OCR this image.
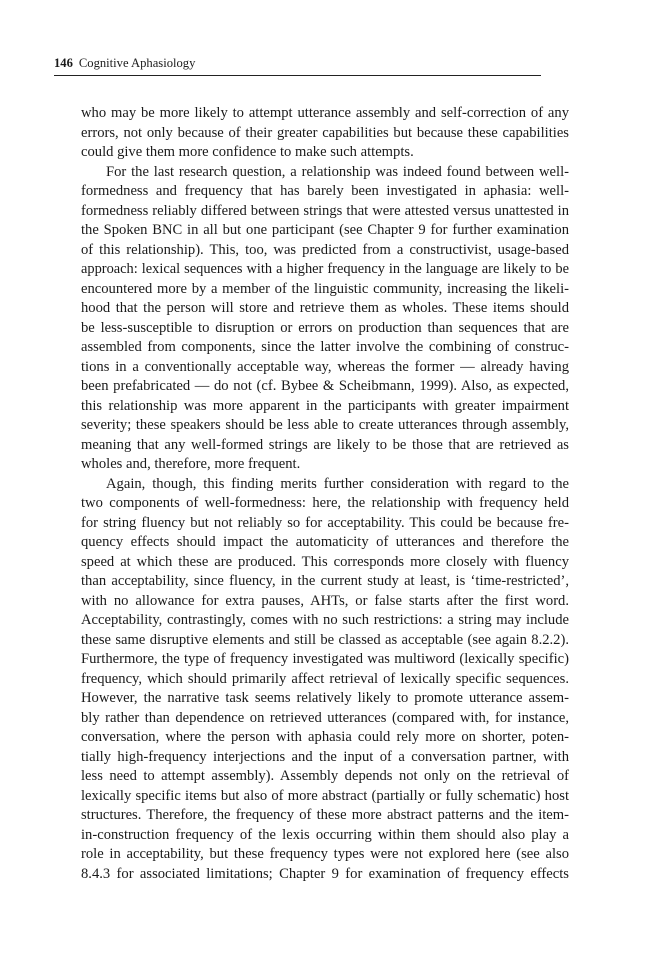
146 Cognitive Aphasiology
who may be more likely to attempt utterance assembly and self-correction of any
errors, not only because of their greater capabilities but because these capabilities
could give them more confidence to make such attempts.
For the last research question, a relationship was indeed found between well-
formedness and frequency that has barely been investigated in aphasia: well-
formedness reliably differed between strings that were attested versus unattested in
the Spoken BNC in all but one participant (see Chapter 9 for further examination
of this relationship). This, too, was predicted from a constructivist, usage-based
approach: lexical sequences with a higher frequency in the language are likely to be
encountered more by a member of the linguistic community, increasing the likeli-
hood that the person will store and retrieve them as wholes. These items should
be less-susceptible to disruption or errors on production than sequences that are
assembled from components, since the latter involve the combining of construc-
tions in a conventionally acceptable way, whereas the former — already having
been prefabricated — do not (cf. Bybee & Scheibmann, 1999). Also, as expected,
this relationship was more apparent in the participants with greater impairment
severity; these speakers should be less able to create utterances through assembly,
meaning that any well-formed strings are likely to be those that are retrieved as
wholes and, therefore, more frequent.
Again, though, this finding merits further consideration with regard to the
two components of well-formedness: here, the relationship with frequency held
for string fluency but not reliably so for acceptability. This could be because fre-
quency effects should impact the automaticity of utterances and therefore the
speed at which these are produced. This corresponds more closely with fluency
than acceptability, since fluency, in the current study at least, is ‘time-restricted’,
with no allowance for extra pauses, AHTs, or false starts after the first word.
Acceptability, contrastingly, comes with no such restrictions: a string may include
these same disruptive elements and still be classed as acceptable (see again 8.2.2).
Furthermore, the type of frequency investigated was multiword (lexically specific)
frequency, which should primarily affect retrieval of lexically specific sequences.
However, the narrative task seems relatively likely to promote utterance assem-
bly rather than dependence on retrieved utterances (compared with, for instance,
conversation, where the person with aphasia could rely more on shorter, poten-
tially high-frequency interjections and the input of a conversation partner, with
less need to attempt assembly). Assembly depends not only on the retrieval of
lexically specific items but also of more abstract (partially or fully schematic) host
structures. Therefore, the frequency of these more abstract patterns and the item-
in-construction frequency of the lexis occurring within them should also play a
role in acceptability, but these frequency types were not explored here (see also
8.4.3 for associated limitations; Chapter 9 for examination of frequency effects
